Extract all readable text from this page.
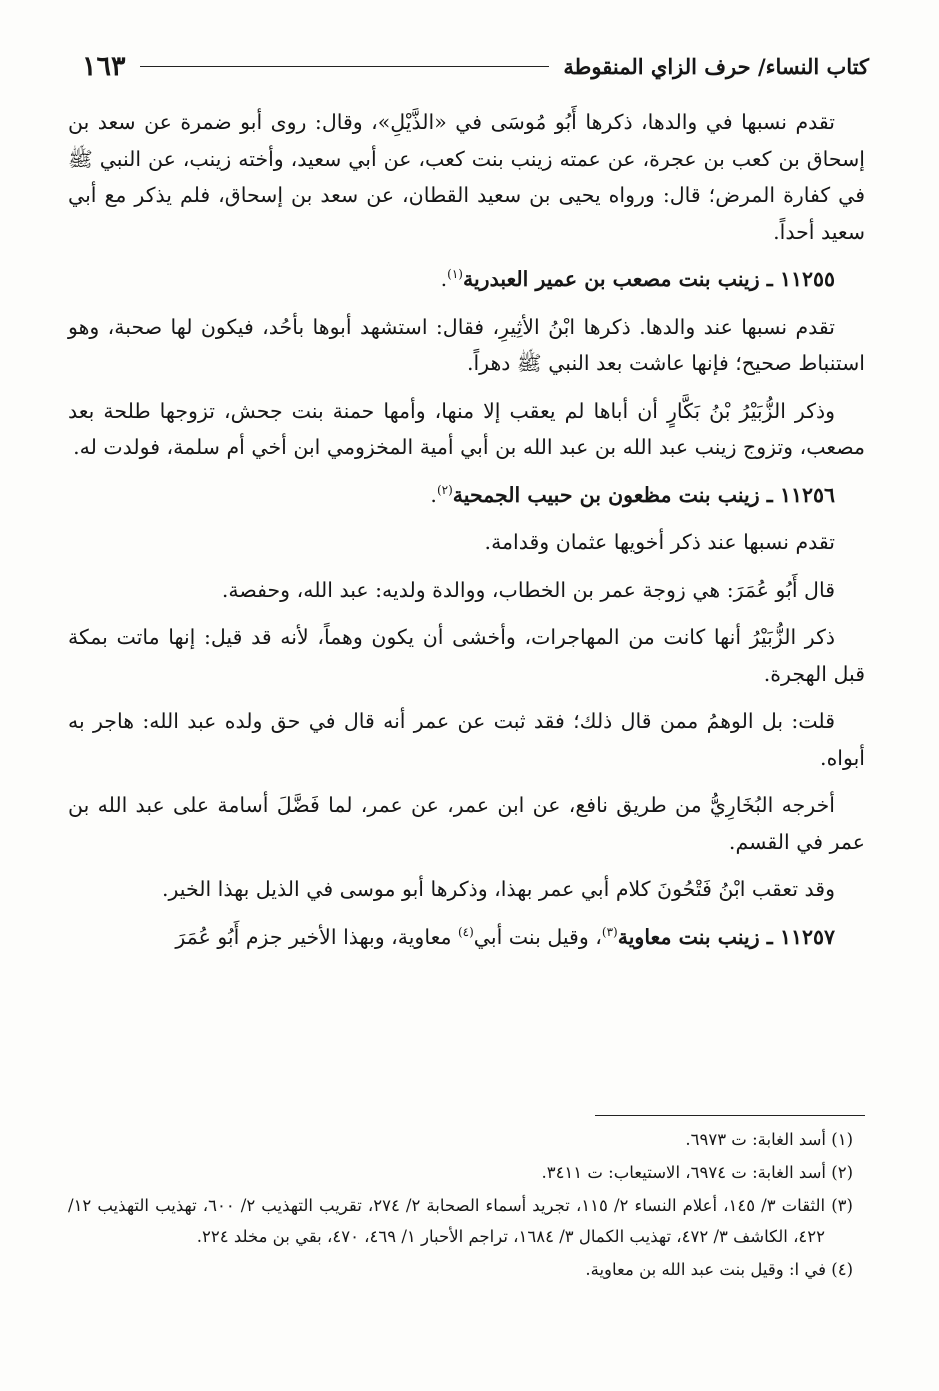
كتاب النساء/ حرف الزاي المنقوطة
١٦٣

تقدم نسبها في والدها، ذكرها أَبُو مُوسَى في «الذَّيْلِ»، وقال: روى أبو ضمرة عن سعد بن إسحاق بن كعب بن عجرة، عن عمته زينب بنت كعب، عن أبي سعيد، وأخته زينب، عن النبي ﷺ في كفارة المرض؛ قال: ورواه يحيى بن سعيد القطان، عن سعد بن إسحاق، فلم يذكر مع أبي سعيد أحداً.

١١٢٥٥ ـ زينب بنت مصعب بن عمير العبدرية$^{(١)}$.

تقدم نسبها عند والدها. ذكرها ابْنُ الأثِيرِ، فقال: استشهد أبوها بأحُد، فيكون لها صحبة، وهو استنباط صحيح؛ فإنها عاشت بعد النبي ﷺ دهراً.

وذكر الزُّبَيْرُ بْنُ بَكَّارٍ أن أباها لم يعقب إلا منها، وأمها حمنة بنت جحش، تزوجها طلحة بعد مصعب، وتزوج زينب عبد الله بن عبد الله بن أبي أمية المخزومي ابن أخي أم سلمة، فولدت له.

١١٢٥٦ ـ زينب بنت مظعون بن حبيب الجمحية$^{(٢)}$.

تقدم نسبها عند ذكر أخويها عثمان وقدامة.

قال أَبُو عُمَرَ: هي زوجة عمر بن الخطاب، ووالدة ولديه: عبد الله، وحفصة.

ذكر الزُّبَيْرُ أنها كانت من المهاجرات، وأخشى أن يكون وهماً، لأنه قد قيل: إنها ماتت بمكة قبل الهجرة.

قلت: بل الوهمُ ممن قال ذلك؛ فقد ثبت عن عمر أنه قال في حق ولده عبد الله: هاجر به أبواه.

أخرجه البُخَارِيُّ من طريق نافع، عن ابن عمر، عن عمر، لما فَضَّلَ أسامة على عبد الله بن عمر في القسم.

وقد تعقب ابْنُ فَتْحُونَ كلام أبي عمر بهذا، وذكرها أبو موسى في الذيل بهذا الخير.

١١٢٥٧ ـ زينب بنت معاوية$^{(٣)}$، وقيل بنت أبي$^{(٤)}$ معاوية، وبهذا الأخير جزم أَبُو عُمَرَ

(١) أسد الغابة: ت ٦٩٧٣.
(٢) أسد الغابة: ت ٦٩٧٤، الاستيعاب: ت ٣٤١١.
(٣) الثقات ٣/ ١٤٥، أعلام النساء ٢/ ١١٥، تجريد أسماء الصحابة ٢/ ٢٧٤، تقريب التهذيب ٢/ ٦٠٠، تهذيب التهذيب ١٢/ ٤٢٢، الكاشف ٣/ ٤٧٢، تهذيب الكمال ٣/ ١٦٨٤، تراجم الأحبار ١/ ٤٦٩، ٤٧٠، بقي بن مخلد ٢٢٤.
(٤) في ا: وقيل بنت عبد الله بن معاوية.
